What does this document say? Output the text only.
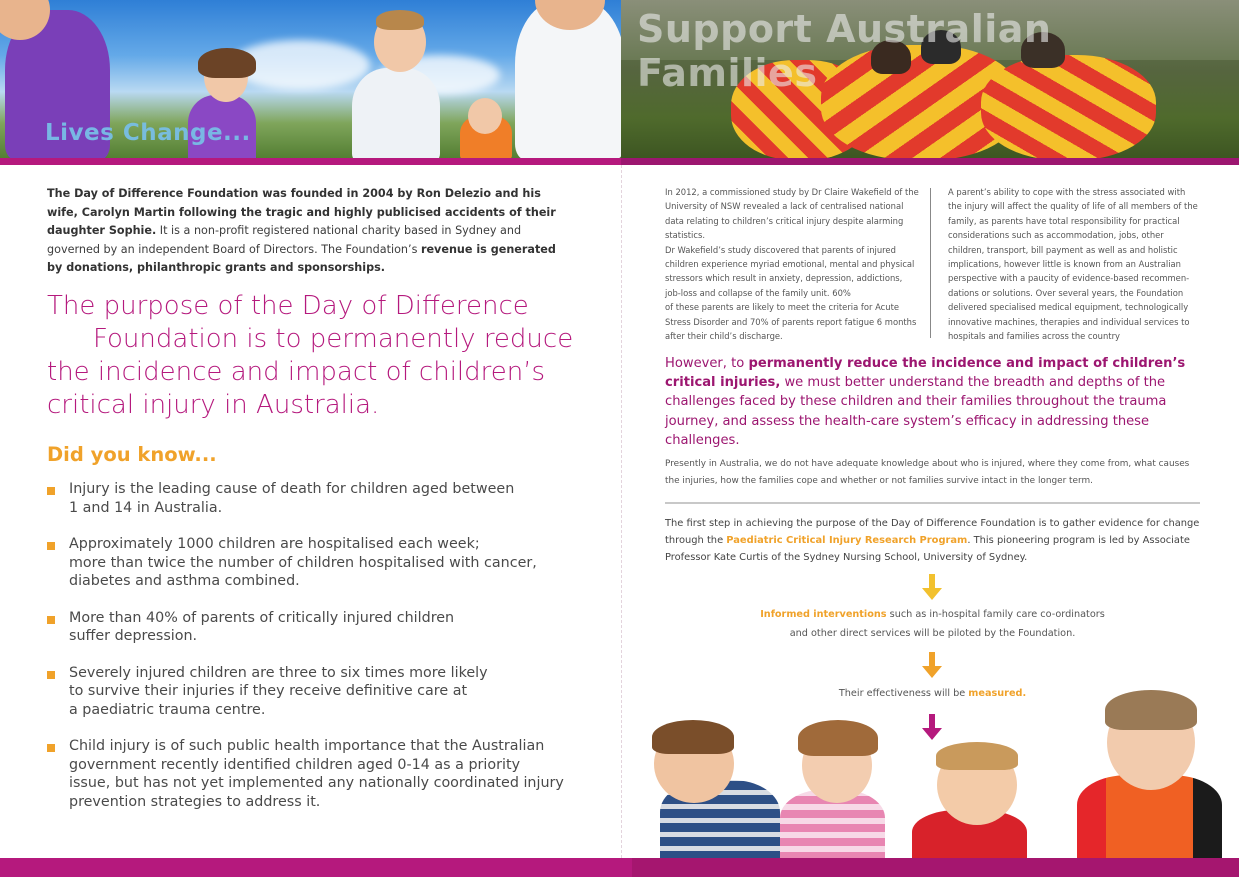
Lives Change...
Support Australian Families
The Day of Difference Foundation was founded in 2004 by Ron Delezio and his wife, Carolyn Martin following the tragic and highly publicised accidents of their daughter Sophie. It is a non-profit registered national charity based in Sydney and governed by an independent Board of Directors. The Foundation’s revenue is generated by donations, philanthropic grants and sponsorships.
The purpose of the Day of Difference
Foundation is to permanently reduce
the incidence and impact of children’s
critical injury in Australia.
Did you know...
Injury is the leading cause of death for children aged between
1 and 14 in Australia.
Approximately 1000 children are hospitalised each week;
more than twice the number of children hospitalised with cancer,
diabetes and asthma combined.
More than 40% of parents of critically injured children
suffer depression.
Severely injured children are three to six times more likely
to survive their injuries if they receive definitive care at
a paediatric trauma centre.
Child injury is of such public health importance that the Australian
government recently identified children aged 0-14 as a priority
issue, but has not yet implemented any nationally coordinated injury
prevention strategies to address it.
In 2012, a commissioned study by Dr Claire Wakefield of the University of NSW revealed a lack of centralised national data relating to children’s critical injury despite alarming statistics.
Dr Wakefield’s study discovered that parents of injured children experience myriad emotional, mental and physical stressors which result in anxiety, depression, addictions, job-loss and collapse of the family unit. 60%
of these parents are likely to meet the criteria for Acute Stress Disorder and 70% of parents report fatigue 6 months after their child’s discharge.
A parent’s ability to cope with the stress associated with the injury will affect the quality of life of all members of the family, as parents have total responsibility for practical considerations such as accommodation, jobs, other children, transport, bill payment as well as and holistic implications, however little is known from an Australian perspective with a paucity of evidence-based recommen-dations or solutions. Over several years, the Foundation delivered specialised medical equipment, technologically innovative machines, therapies and individual services to hospitals and families across the country
However, to permanently reduce the incidence and impact of children’s critical injuries, we must better understand the breadth and depths of the challenges faced by these children and their families throughout the trauma journey, and assess the health-care system’s efficacy in addressing these challenges.
Presently in Australia, we do not have adequate knowledge about who is injured, where they come from, what causes the injuries, how the families cope and whether or not families survive intact in the longer term.
The first step in achieving the purpose of the Day of Difference Foundation is to gather evidence for change through the Paediatric Critical Injury Research Program. This pioneering program is led by Associate Professor Kate Curtis of the Sydney Nursing School, University of Sydney.
Informed interventions such as in-hospital family care co-ordinators
and other direct services will be piloted by the Foundation.
Their effectiveness will be measured.
